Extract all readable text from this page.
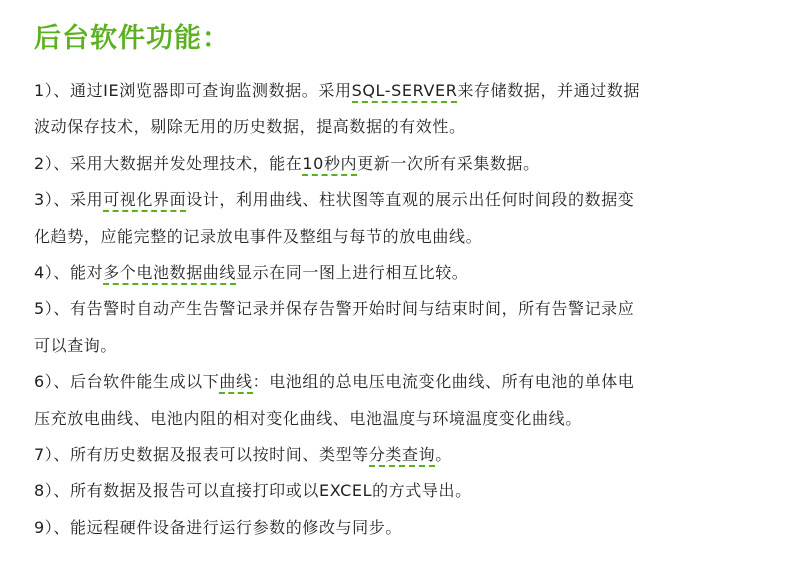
后台软件功能：
1）、通过IE浏览器即可查询监测数据。采用SQL-SERVER来存储数据，并通过数据
波动保存技术，剔除无用的历史数据，提高数据的有效性。
2）、采用大数据并发处理技术，能在10秒内更新一次所有采集数据。
3）、采用可视化界面设计，利用曲线、柱状图等直观的展示出任何时间段的数据变
化趋势，应能完整的记录放电事件及整组与每节的放电曲线。
4）、能对多个电池数据曲线显示在同一图上进行相互比较。
5）、有告警时自动产生告警记录并保存告警开始时间与结束时间，所有告警记录应
可以查询。
6）、后台软件能生成以下曲线：电池组的总电压电流变化曲线、所有电池的单体电
压充放电曲线、电池内阻的相对变化曲线、电池温度与环境温度变化曲线。
7）、所有历史数据及报表可以按时间、类型等分类查询。
8）、所有数据及报告可以直接打印或以EXCEL的方式导出。
9）、能远程硬件设备进行运行参数的修改与同步。
